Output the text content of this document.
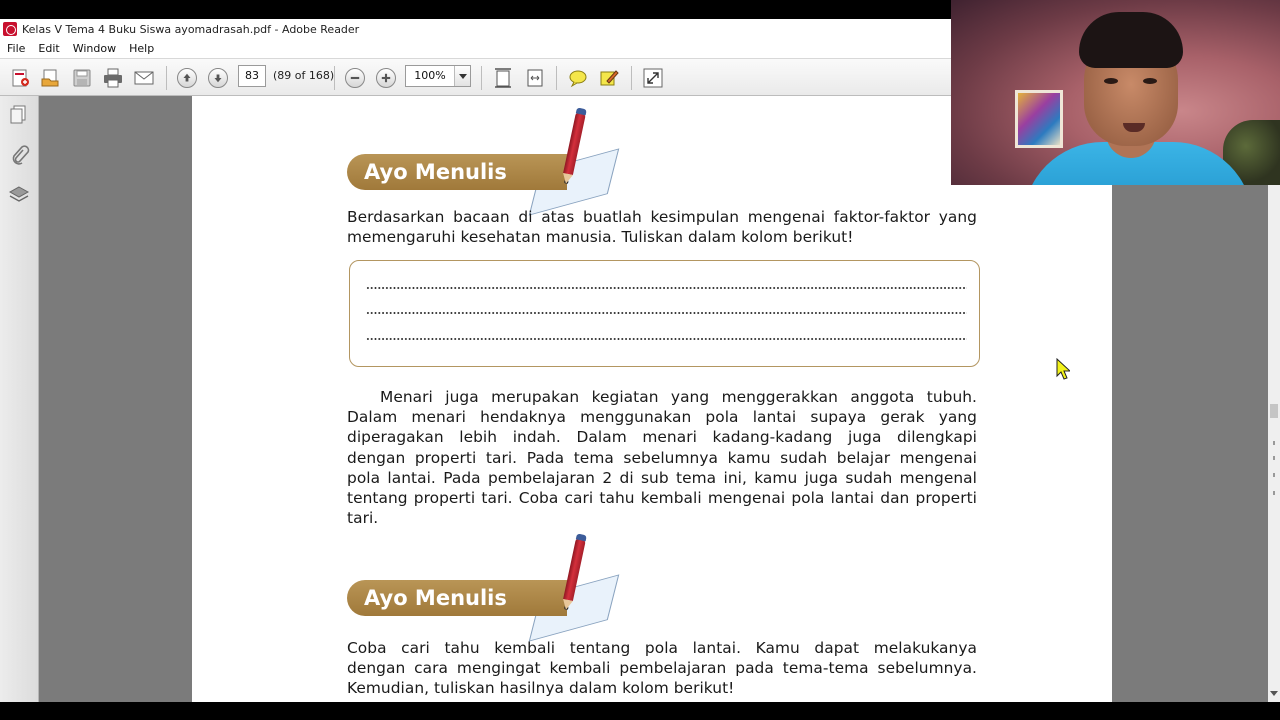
Kelas V Tema 4 Buku Siswa ayomadrasah.pdf - Adobe Reader
File	Edit	Window	Help
83	(89 of 168)	100%
Ayo Menulis
Berdasarkan bacaan di atas buatlah kesimpulan mengenai faktor-faktor yang
memengaruhi kesehatan manusia. Tuliskan dalam kolom berikut!
Menari juga merupakan kegiatan yang menggerakkan anggota tubuh.
Dalam menari hendaknya menggunakan pola lantai supaya gerak yang
diperagakan lebih indah. Dalam menari kadang-kadang juga dilengkapi
dengan properti tari. Pada tema sebelumnya kamu sudah belajar mengenai
pola lantai. Pada pembelajaran 2 di sub tema ini, kamu juga sudah mengenal
tentang properti tari. Coba cari tahu kembali mengenai pola lantai dan properti
tari.
Ayo Menulis
Coba cari tahu kembali tentang pola lantai. Kamu dapat melakukanya
dengan cara mengingat kembali pembelajaran pada tema-tema sebelumnya.
Kemudian, tuliskan hasilnya dalam kolom berikut!
